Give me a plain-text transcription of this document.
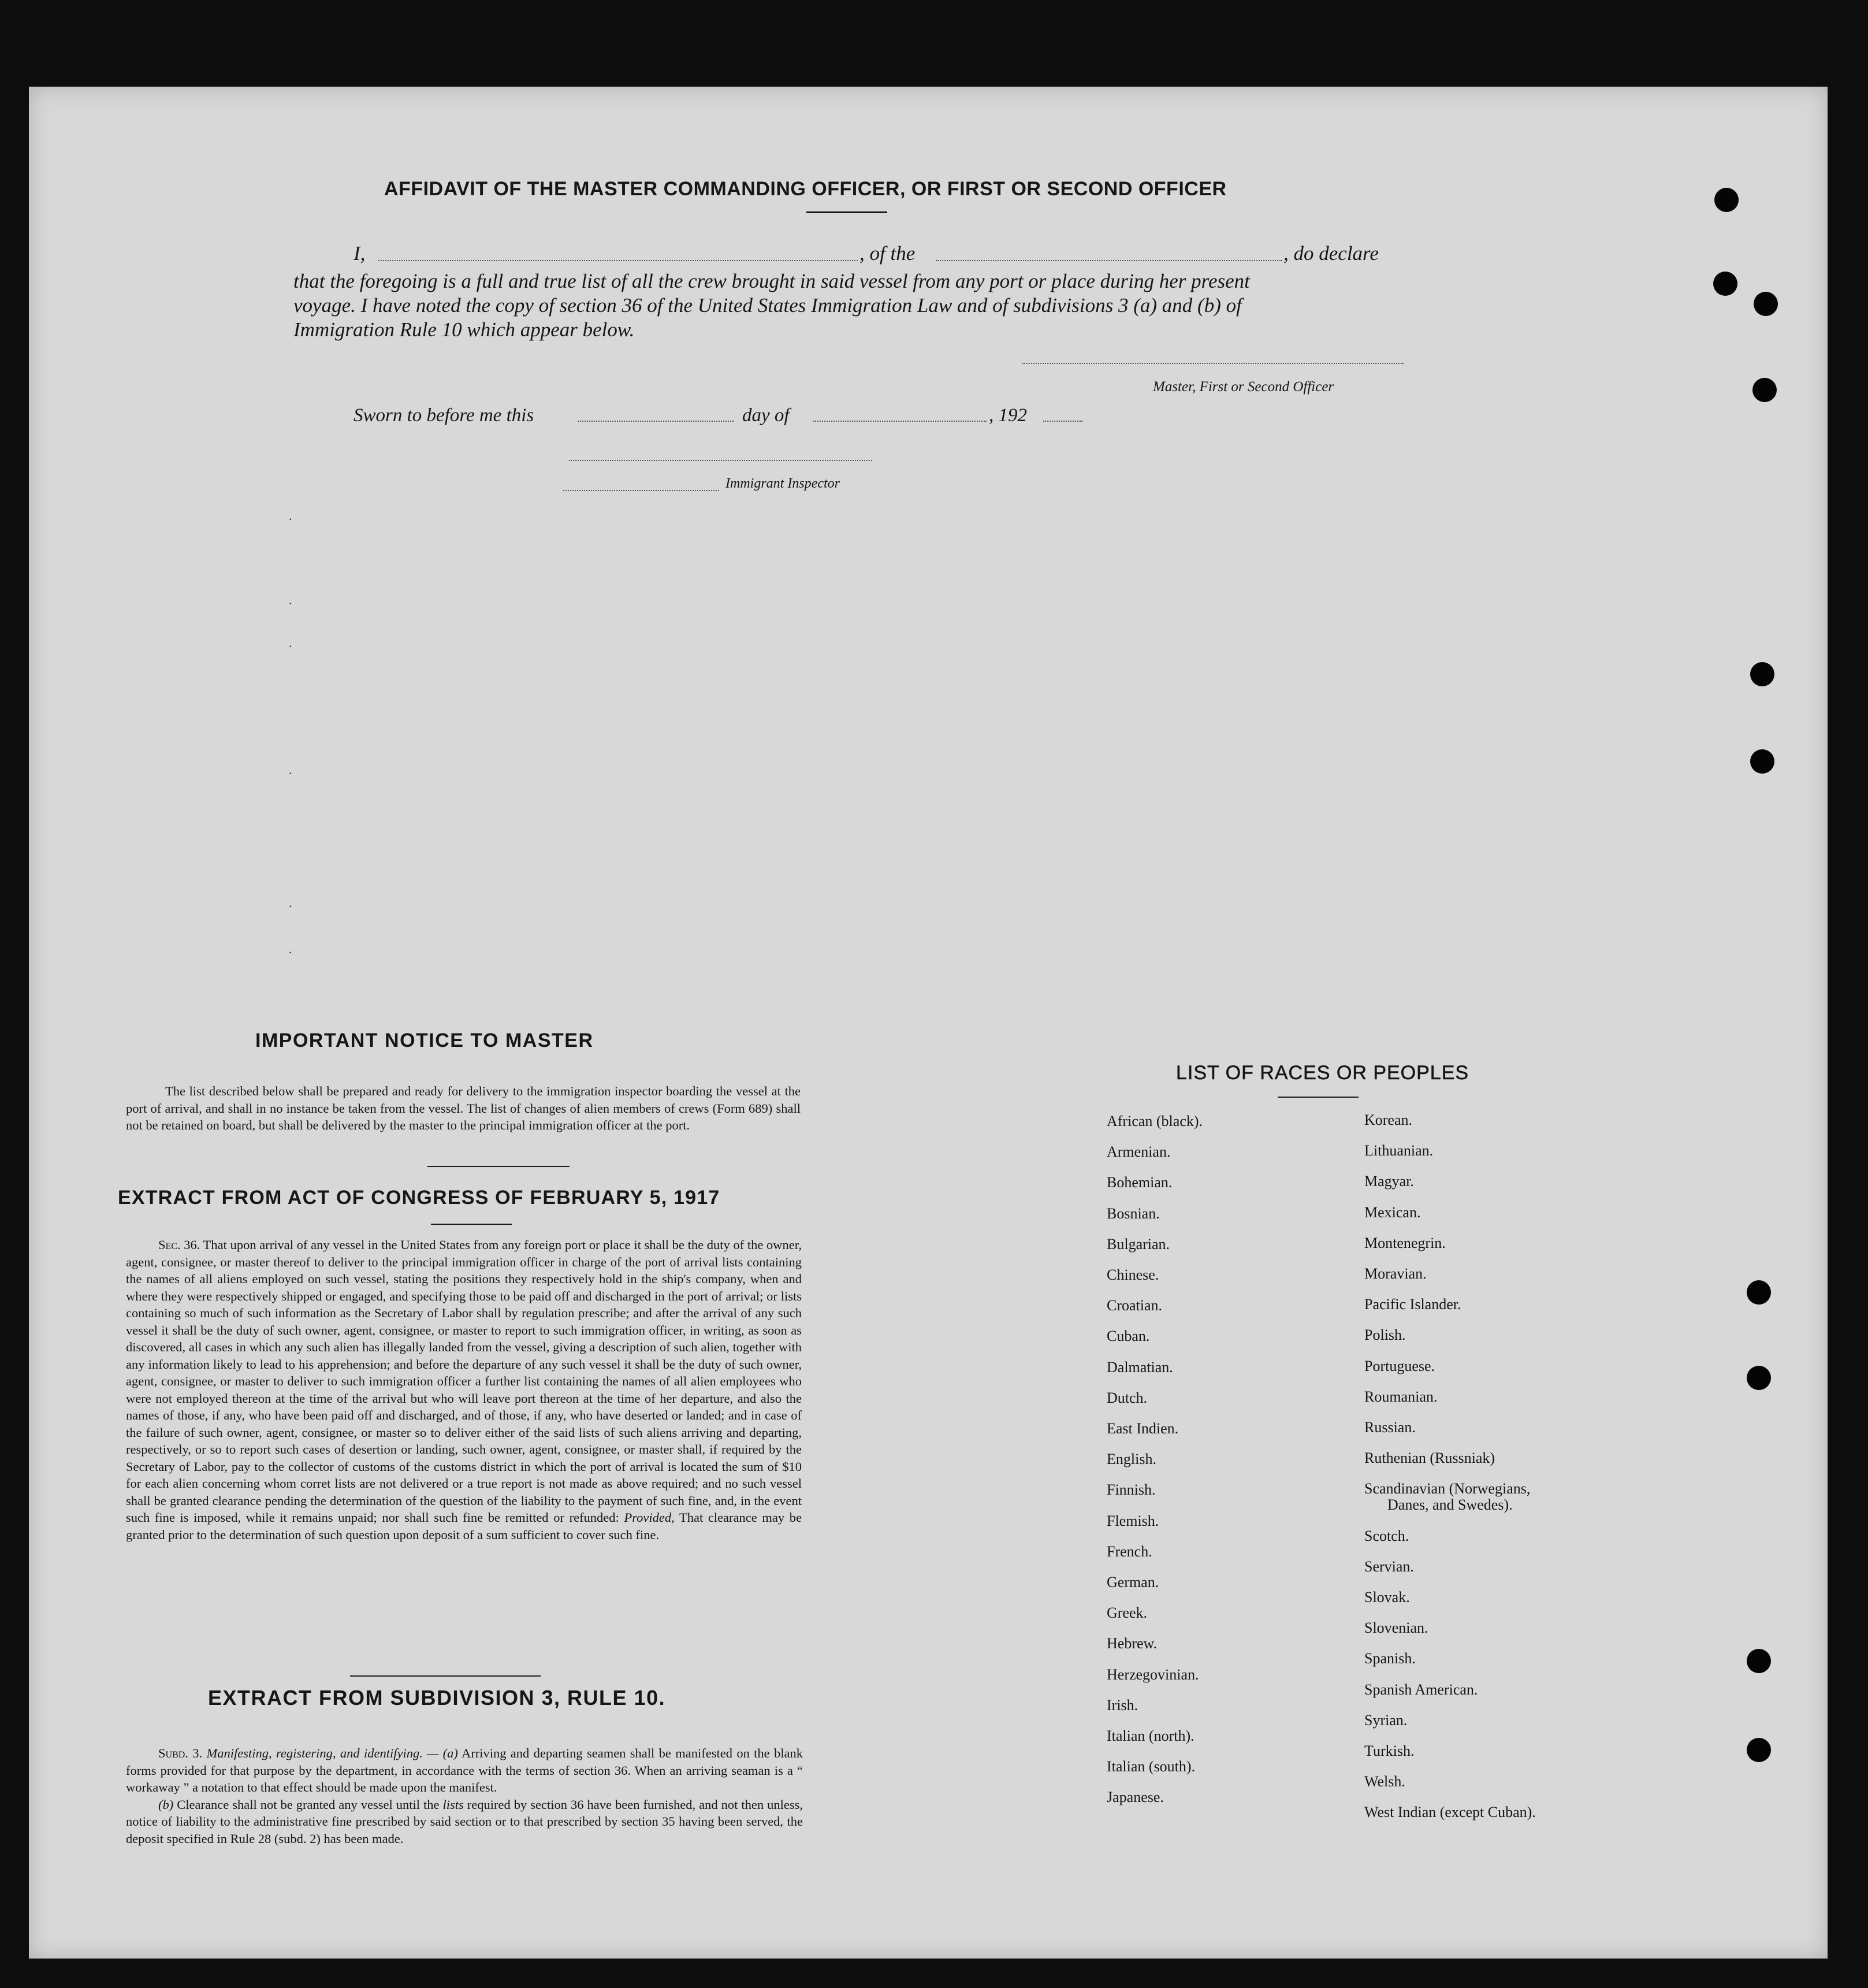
AFFIDAVIT OF THE MASTER COMMANDING OFFICER, OR FIRST OR SECOND OFFICER
I,	, of the	, do declare
that the foregoing is a full and true list of all the crew brought in said vessel from any port or place during her present
voyage. I have noted the copy of section 36 of the United States Immigration Law and of subdivisions 3 (a) and (b) of
Immigration Rule 10 which appear below.
Master, First or Second Officer
Sworn to before me this	day of	, 192
Immigrant Inspector
.
.
.
.
.
.
IMPORTANT NOTICE TO MASTER

The list described below shall be prepared and ready for delivery to the immigration inspector boarding the vessel at the port of arrival, and shall in no instance be taken from the vessel. The list of changes of alien members of crews (Form 689) shall not be retained on board, but shall be delivered by the master to the principal immigration officer at the port.

EXTRACT FROM ACT OF CONGRESS OF FEBRUARY 5, 1917

Sec. 36. That upon arrival of any vessel in the United States from any foreign port or place it shall be the duty of the owner, agent, consignee, or master thereof to deliver to the principal immigration officer in charge of the port of arrival lists containing the names of all aliens employed on such vessel, stating the positions they respectively hold in the ship's company, when and where they were respectively shipped or engaged, and specifying those to be paid off and discharged in the port of arrival; or lists containing so much of such information as the Secretary of Labor shall by regulation prescribe; and after the arrival of any such vessel it shall be the duty of such owner, agent, consignee, or master to report to such immigration officer, in writing, as soon as discovered, all cases in which any such alien has illegally landed from the vessel, giving a description of such alien, together with any information likely to lead to his apprehension; and before the departure of any such vessel it shall be the duty of such owner, agent, consignee, or master to deliver to such immigration officer a further list containing the names of all alien employees who were not employed thereon at the time of the arrival but who will leave port thereon at the time of her departure, and also the names of those, if any, who have been paid off and discharged, and of those, if any, who have deserted or landed; and in case of the failure of such owner, agent, consignee, or master so to deliver either of the said lists of such aliens arriving and departing, respectively, or so to report such cases of desertion or landing, such owner, agent, consignee, or master shall, if required by the Secretary of Labor, pay to the collector of customs of the customs district in which the port of arrival is located the sum of $10 for each alien concerning whom corret lists are not delivered or a true report is not made as above required; and no such vessel shall be granted clearance pending the determination of the question of the liability to the payment of such fine, and, in the event such fine is imposed, while it remains unpaid; nor shall such fine be remitted or refunded: Provided, That clearance may be granted prior to the determination of such question upon deposit of a sum sufficient to cover such fine.

EXTRACT FROM SUBDIVISION 3, RULE 10.

Subd. 3. Manifesting, registering, and identifying. — (a) Arriving and departing seamen shall be manifested on the blank forms provided for that purpose by the department, in accordance with the terms of section 36. When an arriving seaman is a “ workaway ” a notation to that effect should be made upon the manifest.

(b) Clearance shall not be granted any vessel until the lists required by section 36 have been furnished, and not then unless, notice of liability to the administrative fine prescribed by said section or to that prescribed by section 35 having been served, the deposit specified in Rule 28 (subd. 2) has been made.

LIST OF RACES OR PEOPLES
African (black).
Armenian.
Bohemian.
Bosnian.
Bulgarian.
Chinese.
Croatian.
Cuban.
Dalmatian.
Dutch.
East Indien.
English.
Finnish.
Flemish.
French.
German.
Greek.
Hebrew.
Herzegovinian.
Irish.
Italian (north).
Italian (south).
Japanese.
Korean.
Lithuanian.
Magyar.
Mexican.
Montenegrin.
Moravian.
Pacific Islander.
Polish.
Portuguese.
Roumanian.
Russian.
Ruthenian (Russniak)
Scandinavian (Norwegians,
Danes, and Swedes).
Scotch.
Servian.
Slovak.
Slovenian.
Spanish.
Spanish American.
Syrian.
Turkish.
Welsh.
West Indian (except Cuban).
